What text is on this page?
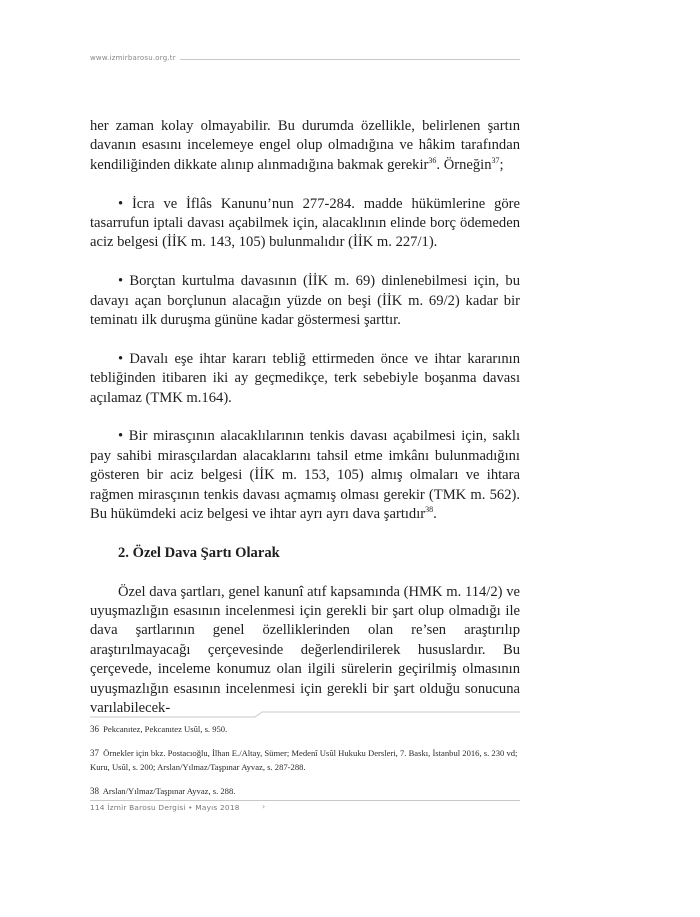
www.izmirbarosu.org.tr

her zaman kolay olmayabilir. Bu durumda özellikle, belirlenen şartın davanın esasını incelemeye engel olup olmadığına ve hâkim tarafından kendiliğinden dikkate alınıp alınmadığına bakmak gerekir$^{36}$. Örneğin$^{37}$;

• İcra ve İflâs Kanunu’nun 277-284. madde hükümlerine göre tasarrufun iptali davası açabilmek için, alacaklının elinde borç ödemeden aciz belgesi (İİK m. 143, 105) bulunmalıdır (İİK m. 227/1).

• Borçtan kurtulma davasının (İİK m. 69) dinlenebilmesi için, bu davayı açan borçlunun alacağın yüzde on beşi (İİK m. 69/2) kadar bir teminatı ilk duruşma gününe kadar göstermesi şarttır.

• Davalı eşe ihtar kararı tebliğ ettirmeden önce ve ihtar kararının tebliğinden itibaren iki ay geçmedikçe, terk sebebiyle boşanma davası açılamaz (TMK m.164).

• Bir mirasçının alacaklılarının tenkis davası açabilmesi için, saklı pay sahibi mirasçılardan alacaklarını tahsil etme imkânı bulunmadığını gösteren bir aciz belgesi (İİK m. 153, 105) almış olmaları ve ihtara rağmen mirasçının tenkis davası açmamış olması gerekir (TMK m. 562). Bu hükümdeki aciz belgesi ve ihtar ayrı ayrı dava şartıdır$^{38}$.

2. Özel Dava Şartı Olarak

Özel dava şartları, genel kanunî atıf kapsamında (HMK m. 114/2) ve uyuşmazlığın esasının incelenmesi için gerekli bir şart olup olmadığı ile dava şartlarının genel özelliklerinden olan re’sen araştırılıp araştırılmayacağı çerçevesinde değerlendirilerek hususlardır. Bu çerçevede, inceleme konumuz olan ilgili sürelerin geçirilmiş olmasının uyuşmazlığın esasının incelenmesi için gerekli bir şart olduğu sonucuna varılabilecek-

36 Pekcanıtez, Pekcanıtez Usûl, s. 950.

37 Örnekler için bkz. Postacıoğlu, İlhan E./Altay, Sümer; Medenî Usûl Hukuku Dersleri, 7. Baskı, İstanbul 2016, s. 230 vd; Kuru, Usûl, s. 200; Arslan/Yılmaz/Taşpınar Ayvaz, s. 287-288.

38 Arslan/Yılmaz/Taşpınar Ayvaz, s. 288.

114 İzmir Barosu Dergisi • Mayıs 2018	›
